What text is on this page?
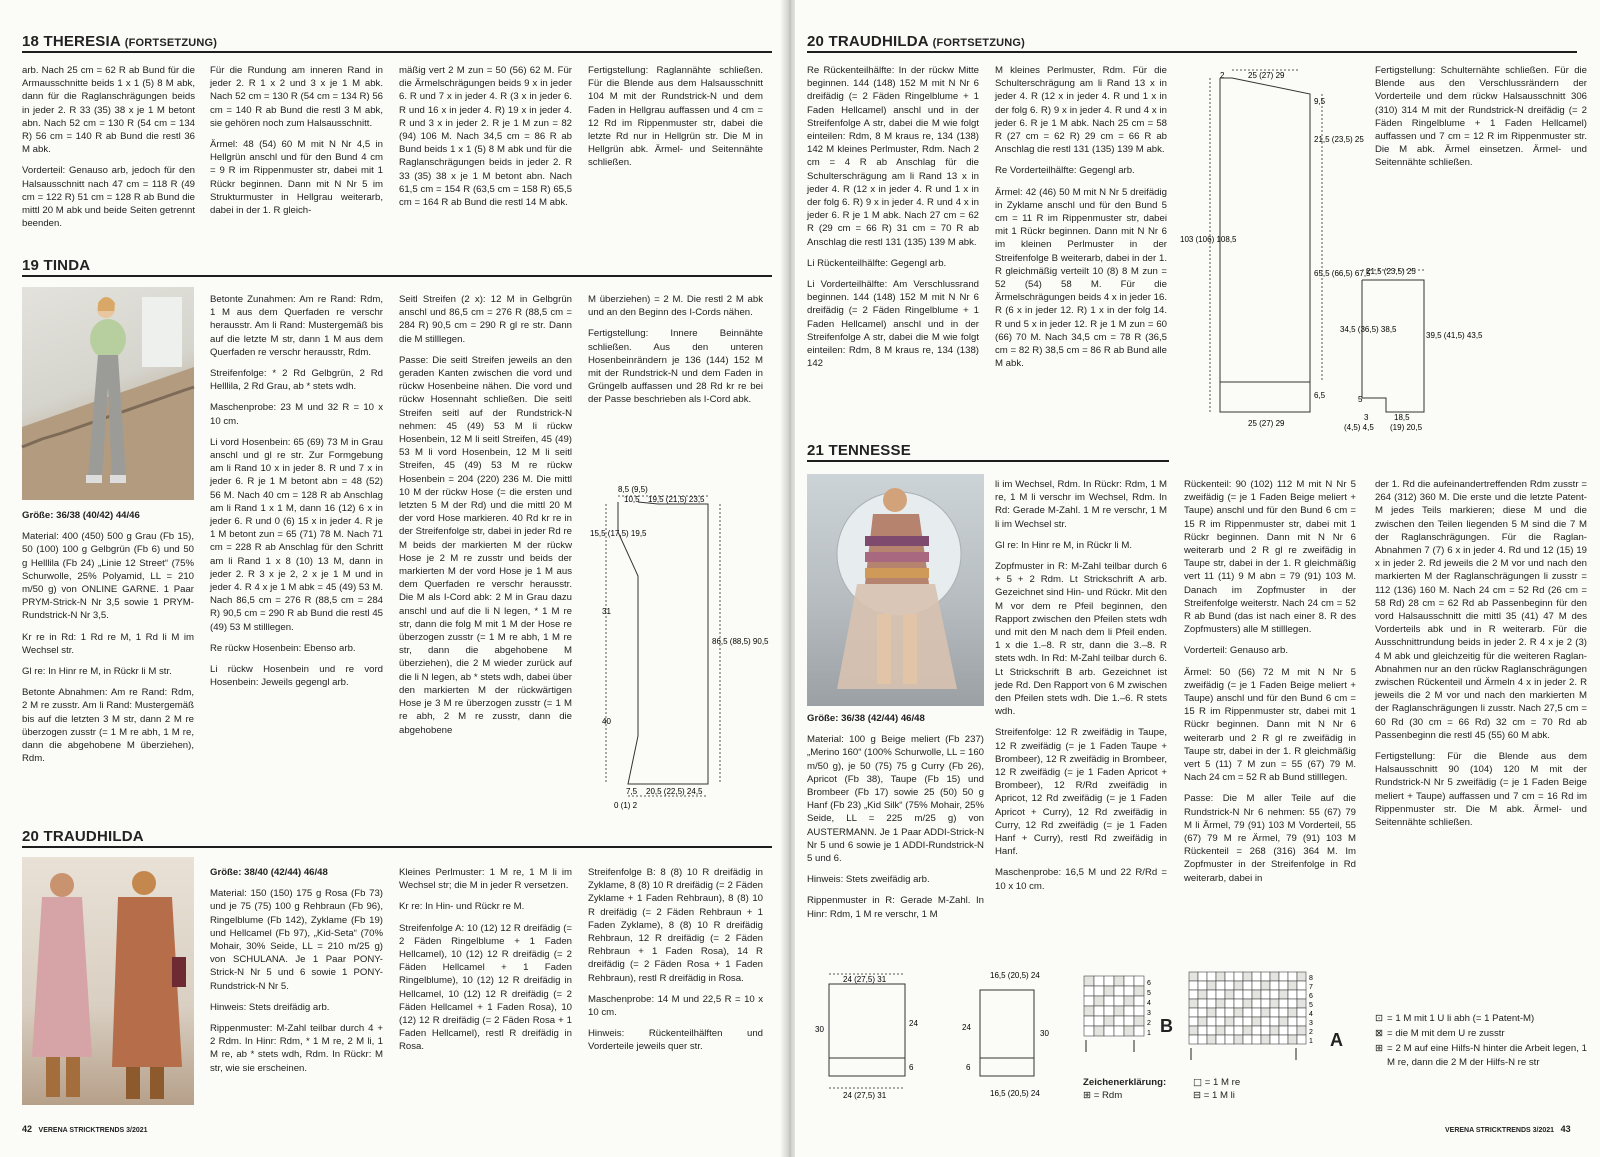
18 THERESIA (FORTSETZUNG)

arb. Nach 25 cm = 62 R ab Bund für die Armausschnitte beids 1 x 1 (5) 8 M abk, dann für die Raglanschrägungen beids in jeder 2. R 33 (35) 38 x je 1 M betont abn. Nach 52 cm = 130 R (54 cm = 134 R) 56 cm = 140 R ab Bund die restl 36 M abk.

Vorderteil: Genauso arb, jedoch für den Halsausschnitt nach 47 cm = 118 R (49 cm = 122 R) 51 cm = 128 R ab Bund die mittl 20 M abk und beide Seiten getrennt beenden.

Für die Rundung am inneren Rand in jeder 2. R 1 x 2 und 3 x je 1 M abk. Nach 52 cm = 130 R (54 cm = 134 R) 56 cm = 140 R ab Bund die restl 3 M abk, sie gehören noch zum Halsausschnitt.

Ärmel: 48 (54) 60 M mit N Nr 4,5 in Hellgrün anschl und für den Bund 4 cm = 9 R im Rippenmuster str, dabei mit 1 Rückr beginnen. Dann mit N Nr 5 im Strukturmuster in Hellgrau weiterarb, dabei in der 1. R gleich-

mäßig vert 2 M zun = 50 (56) 62 M. Für die Ärmelschrägungen beids 9 x in jeder 6. R und 7 x in jeder 4. R (3 x in jeder 6. R und 16 x in jeder 4. R) 19 x in jeder 4. R und 3 x in jeder 2. R je 1 M zun = 82 (94) 106 M. Nach 34,5 cm = 86 R ab Bund beids 1 x 1 (5) 8 M abk und für die Raglanschrägungen beids in jeder 2. R 33 (35) 38 x je 1 M betont abn. Nach 61,5 cm = 154 R (63,5 cm = 158 R) 65,5 cm = 164 R ab Bund die restl 14 M abk.

Fertigstellung: Raglannähte schließen. Für die Blende aus dem Halsausschnitt 104 M mit der Rundstrick-N und dem Faden in Hellgrau auffassen und 4 cm = 12 Rd im Rippenmuster str, dabei die letzte Rd nur in Hellgrün str. Die M in Hellgrün abk. Ärmel- und Seitennähte schließen.

19 TINDA

Größe: 36/38 (40/42) 44/46

Material: 400 (450) 500 g Grau (Fb 15), 50 (100) 100 g Gelbgrün (Fb 6) und 50 g Helllila (Fb 24) „Linie 12 Street“ (75% Schurwolle, 25% Polyamid, LL = 210 m/50 g) von ONLINE GARNE. 1 Paar PRYM-Strick-N Nr 3,5 sowie 1 PRYM-Rundstrick-N Nr 3,5.

Kr re in Rd: 1 Rd re M, 1 Rd li M im Wechsel str.

Gl re: In Hinr re M, in Rückr li M str.

Betonte Abnahmen: Am re Rand: Rdm, 2 M re zusstr. Am li Rand: Mustergemäß bis auf die letzten 3 M str, dann 2 M re überzogen zusstr (= 1 M re abh, 1 M re, dann die abgehobene M überziehen), Rdm.

Betonte Zunahmen: Am re Rand: Rdm, 1 M aus dem Querfaden re verschr herausstr. Am li Rand: Mustergemäß bis auf die letzte M str, dann 1 M aus dem Querfaden re verschr herausstr, Rdm.

Streifenfolge: * 2 Rd Gelbgrün, 2 Rd Helllila, 2 Rd Grau, ab * stets wdh.

Maschenprobe: 23 M und 32 R = 10 x 10 cm.

Li vord Hosenbein: 65 (69) 73 M in Grau anschl und gl re str. Zur Formgebung am li Rand 10 x in jeder 8. R und 7 x in jeder 6. R je 1 M betont abn = 48 (52) 56 M. Nach 40 cm = 128 R ab Anschlag am li Rand 1 x 1 M, dann 16 (12) 6 x in jeder 6. R und 0 (6) 15 x in jeder 4. R je 1 M betont zun = 65 (71) 78 M. Nach 71 cm = 228 R ab Anschlag für den Schritt am li Rand 1 x 8 (10) 13 M, dann in jeder 2. R 3 x je 2, 2 x je 1 M und in jeder 4. R 4 x je 1 M abk = 45 (49) 53 M. Nach 86,5 cm = 276 R (88,5 cm = 284 R) 90,5 cm = 290 R ab Bund die restl 45 (49) 53 M stilllegen.

Re rückw Hosenbein: Ebenso arb.

Li rückw Hosenbein und re vord Hosenbein: Jeweils gegengl arb.

Seitl Streifen (2 x): 12 M in Gelbgrün anschl und 86,5 cm = 276 R (88,5 cm = 284 R) 90,5 cm = 290 R gl re str. Dann die M stilllegen.

Passe: Die seitl Streifen jeweils an den geraden Kanten zwischen die vord und rückw Hosenbeine nähen. Die vord und rückw Hosennaht schließen. Die seitl Streifen seitl auf der Rundstrick-N nehmen: 45 (49) 53 M li rückw Hosenbein, 12 M li seitl Streifen, 45 (49) 53 M li vord Hosenbein, 12 M li seitl Streifen, 45 (49) 53 M re rückw Hosenbein = 204 (220) 236 M. Die mittl 10 M der rückw Hose (= die ersten und letzten 5 M der Rd) und die mittl 20 M der vord Hose markieren. 40 Rd kr re in der Streifenfolge str, dabei in jeder Rd re M beids der markierten M der rückw Hose je 2 M re zusstr und beids der markierten M der vord Hose je 1 M aus dem Querfaden re verschr herausstr. Die M als I-Cord abk: 2 M in Grau dazu anschl und auf die li N legen, * 1 M re str, dann die folg M mit 1 M der Hose re überzogen zusstr (= 1 M re abh, 1 M re str, dann die abgehobene M überziehen), die 2 M wieder zurück auf die li N legen, ab * stets wdh, dabei über den markierten M der rückwärtigen Hose je 3 M re überzogen zusstr (= 1 M re abh, 2 M re zusstr, dann die abgehobene

M überziehen) = 2 M. Die restl 2 M abk und an den Beginn des I-Cords nähen.

Fertigstellung: Innere Beinnähte schließen. Aus den unteren Hosenbeinrändern je 136 (144) 152 M mit der Rundstrick-N und dem Faden in Grüngelb auffassen und 28 Rd kr re bei der Passe beschrieben als I-Cord abk.

8,5 (9,5)
10,5 19,5 (21,5) 23,5
15,5 (17,5) 19,5
31
40
86,5 (88,5) 90,5
7,5 20,5 (22,5) 24,5
0 (1) 2
20 TRAUDHILDA

Größe: 38/40 (42/44) 46/48

Material: 150 (150) 175 g Rosa (Fb 73) und je 75 (75) 100 g Rehbraun (Fb 96), Ringelblume (Fb 142), Zyklame (Fb 19) und Hellcamel (Fb 97), „Kid-Seta“ (70% Mohair, 30% Seide, LL = 210 m/25 g) von SCHULANA. Je 1 Paar PONY-Strick-N Nr 5 und 6 sowie 1 PONY-Rundstrick-N Nr 5.

Hinweis: Stets dreifädig arb.

Rippenmuster: M-Zahl teilbar durch 4 + 2 Rdm. In Hinr: Rdm, * 1 M re, 2 M li, 1 M re, ab * stets wdh, Rdm. In Rückr: M str, wie sie erscheinen.

Kleines Perlmuster: 1 M re, 1 M li im Wechsel str; die M in jeder R versetzen.

Kr re: In Hin- und Rückr re M.

Streifenfolge A: 10 (12) 12 R dreifädig (= 2 Fäden Ringelblume + 1 Faden Hellcamel), 10 (12) 12 R dreifädig (= 2 Fäden Hellcamel + 1 Faden Ringelblume), 10 (12) 12 R dreifädig in Hellcamel, 10 (12) 12 R dreifädig (= 2 Fäden Hellcamel + 1 Faden Rosa), 10 (12) 12 R dreifädig (= 2 Fäden Rosa + 1 Faden Hellcamel), restl R dreifädig in Rosa.

Streifenfolge B: 8 (8) 10 R dreifädig in Zyklame, 8 (8) 10 R dreifädig (= 2 Fäden Zyklame + 1 Faden Rehbraun), 8 (8) 10 R dreifädig (= 2 Fäden Rehbraun + 1 Faden Zyklame), 8 (8) 10 R dreifädig Rehbraun, 12 R dreifädig (= 2 Fäden Rehbraun + 1 Faden Rosa), 14 R dreifädig (= 2 Fäden Rosa + 1 Faden Rehbraun), restl R dreifädig in Rosa.

Maschenprobe: 14 M und 22,5 R = 10 x 10 cm.

Hinweis: Rückenteilhälften und Vorderteile jeweils quer str.

42 VERENA STRICKTRENDS 3/2021
20 TRAUDHILDA (FORTSETZUNG)

Re Rückenteilhälfte: In der rückw Mitte beginnen. 144 (148) 152 M mit N Nr 6 dreifädig (= 2 Fäden Ringelblume + 1 Faden Hellcamel) anschl und in der Streifenfolge A str, dabei die M wie folgt einteilen: Rdm, 8 M kraus re, 134 (138) 142 M kleines Perlmuster, Rdm. Nach 2 cm = 4 R ab Anschlag für die Schulterschrägung am li Rand 13 x in jeder 4. R (12 x in jeder 4. R und 1 x in der folg 6. R) 9 x in jeder 4. R und 4 x in jeder 6. R je 1 M abk. Nach 27 cm = 62 R (29 cm = 66 R) 31 cm = 70 R ab Anschlag die restl 131 (135) 139 M abk.

Li Rückenteilhälfte: Gegengl arb.

Li Vorderteilhälfte: Am Verschlussrand beginnen. 144 (148) 152 M mit N Nr 6 dreifädig (= 2 Fäden Ringelblume + 1 Faden Hellcamel) anschl und in der Streifenfolge A str, dabei die M wie folgt einteilen: Rdm, 8 M kraus re, 134 (138) 142

M kleines Perlmuster, Rdm. Für die Schulterschrägung am li Rand 13 x in jeder 4. R (12 x in jeder 4. R und 1 x in der folg 6. R) 9 x in jeder 4. R und 4 x in jeder 6. R je 1 M abk. Nach 25 cm = 58 R (27 cm = 62 R) 29 cm = 66 R ab Anschlag die restl 131 (135) 139 M abk.

Re Vorderteilhälfte: Gegengl arb.

Ärmel: 42 (46) 50 M mit N Nr 5 dreifädig in Zyklame anschl und für den Bund 5 cm = 11 R im Rippenmuster str, dabei mit 1 Rückr beginnen. Dann mit N Nr 6 im kleinen Perlmuster in der Streifenfolge B weiterarb, dabei in der 1. R gleichmäßig verteilt 10 (8) 8 M zun = 52 (54) 58 M. Für die Ärmelschrägungen beids 4 x in jeder 16. R (6 x in jeder 12. R) 1 x in der folg 14. R und 5 x in jeder 12. R je 1 M zun = 60 (66) 70 M. Nach 34,5 cm = 78 R (36,5 cm = 82 R) 38,5 cm = 86 R ab Bund alle M abk.

2	25 (27) 29
9,5
21,5 (23,5) 25
103 (106) 108,5
65,5 (66,5) 67,5
6,5
25 (27) 29
21,5 (23,5) 25
34,5 (36,5) 38,5
39,5 (41,5) 43,5
5
3	18,5
(4,5) 4,5 (19) 20,5

Fertigstellung: Schulternähte schließen. Für die Blende aus den Verschlussrändern der Vorderteile und dem rückw Halsausschnitt 306 (310) 314 M mit der Rundstrick-N dreifädig (= 2 Fäden Ringelblume + 1 Faden Hellcamel) auffassen und 7 cm = 12 R im Rippenmuster str. Die M abk. Ärmel einsetzen. Ärmel- und Seitennähte schließen.

21 TENNESSE

Größe: 36/38 (42/44) 46/48

Material: 100 g Beige meliert (Fb 237) „Merino 160“ (100% Schurwolle, LL = 160 m/50 g), je 50 (75) 75 g Curry (Fb 26), Apricot (Fb 38), Taupe (Fb 15) und Brombeer (Fb 17) sowie 25 (50) 50 g Hanf (Fb 23) „Kid Silk“ (75% Mohair, 25% Seide, LL = 225 m/25 g) von AUSTERMANN. Je 1 Paar ADDI-Strick-N Nr 5 und 6 sowie je 1 ADDI-Rundstrick-N 5 und 6.

Hinweis: Stets zweifädig arb.

Rippenmuster in R: Gerade M-Zahl. In Hinr: Rdm, 1 M re verschr, 1 M

li im Wechsel, Rdm. In Rückr: Rdm, 1 M re, 1 M li verschr im Wechsel, Rdm. In Rd: Gerade M-Zahl. 1 M re verschr, 1 M li im Wechsel str.

Gl re: In Hinr re M, in Rückr li M.

Zopfmuster in R: M-Zahl teilbar durch 6 + 5 + 2 Rdm. Lt Strickschrift A arb. Gezeichnet sind Hin- und Rückr. Mit den M vor dem re Pfeil beginnen, den Rapport zwischen den Pfeilen stets wdh und mit den M nach dem li Pfeil enden. 1 x die 1.–8. R str, dann die 3.–8. R stets wdh. In Rd: M-Zahl teilbar durch 6. Lt Strickschrift B arb. Gezeichnet ist jede Rd. Den Rapport von 6 M zwischen den Pfeilen stets wdh. Die 1.–6. R stets wdh.

Streifenfolge: 12 R zweifädig in Taupe, 12 R zweifädig (= je 1 Faden Taupe + Brombeer), 12 R zweifädig in Brombeer, 12 R zweifädig (= je 1 Faden Apricot + Brombeer), 12 R/Rd zweifädig in Apricot, 12 Rd zweifädig (= je 1 Faden Apricot + Curry), 12 Rd zweifädig in Curry, 12 Rd zweifädig (= je 1 Faden Hanf + Curry), restl Rd zweifädig in Hanf.

Maschenprobe: 16,5 M und 22 R/Rd = 10 x 10 cm.

Rückenteil: 90 (102) 112 M mit N Nr 5 zweifädig (= je 1 Faden Beige meliert + Taupe) anschl und für den Bund 6 cm = 15 R im Rippenmuster str, dabei mit 1 Rückr beginnen. Dann mit N Nr 6 weiterarb und 2 R gl re zweifädig in Taupe str, dabei in der 1. R gleichmäßig vert 11 (11) 9 M abn = 79 (91) 103 M. Danach im Zopfmuster in der Streifenfolge weiterstr. Nach 24 cm = 52 R ab Bund (das ist nach einer 8. R des Zopfmusters) alle M stilllegen.

Vorderteil: Genauso arb.

Ärmel: 50 (56) 72 M mit N Nr 5 zweifädig (= je 1 Faden Beige meliert + Taupe) anschl und für den Bund 6 cm = 15 R im Rippenmuster str, dabei mit 1 Rückr beginnen. Dann mit N Nr 6 weiterarb und 2 R gl re zweifädig in Taupe str, dabei in der 1. R gleichmäßig vert 5 (11) 7 M zun = 55 (67) 79 M. Nach 24 cm = 52 R ab Bund stilllegen.

Passe: Die M aller Teile auf die Rundstrick-N Nr 6 nehmen: 55 (67) 79 M li Ärmel, 79 (91) 103 M Vorderteil, 55 (67) 79 M re Ärmel, 79 (91) 103 M Rückenteil = 268 (316) 364 M. Im Zopfmuster in der Streifenfolge in Rd weiterarb, dabei in

der 1. Rd die aufeinandertreffenden Rdm zusstr = 264 (312) 360 M. Die erste und die letzte Patent-M jedes Teils markieren; diese M und die zwischen den Teilen liegenden 5 M sind die 7 M der Raglanschrägungen. Für die Raglan-Abnahmen 7 (7) 6 x in jeder 4. Rd und 12 (15) 19 x in jeder 2. Rd jeweils die 2 M vor und nach den markierten M der Raglanschrägungen li zusstr = 112 (136) 160 M. Nach 24 cm = 52 Rd (26 cm = 58 Rd) 28 cm = 62 Rd ab Passenbeginn für den vord Halsausschnitt die mittl 35 (41) 47 M des Vorderteils abk und in R weiterarb. Für die Ausschnittrundung beids in jeder 2. R 4 x je 2 (3) 4 M abk und gleichzeitig für die weiteren Raglan-Abnahmen nur an den rückw Raglanschrägungen zwischen Rückenteil und Ärmeln 4 x in jeder 2. R jeweils die 2 M vor und nach den markierten M der Raglanschrägungen li zusstr. Nach 27,5 cm = 60 Rd (30 cm = 66 Rd) 32 cm = 70 Rd ab Passenbeginn die restl 45 (55) 60 M abk.

Fertigstellung: Für die Blende aus dem Halsausschnitt 90 (104) 120 M mit der Rundstrick-N Nr 5 zweifädig (= je 1 Faden Beige meliert + Taupe) auffassen und 7 cm = 16 Rd im Rippenmuster str. Die M abk. Ärmel- und Seitennähte schließen.

⊡ = 1 M mit 1 U li abh (= 1 Patent-M)
⊠ = die M mit dem U re zusstr
⊞ = 2 M auf eine Hilfs-N hinter die Arbeit legen, 1 M re, dann die 2 M der Hilfs-N re str
24 (27,5) 31
30
24
24 (27,5) 31
6
16,5 (20,5) 24
24
30
16,5 (20,5) 24
6
6
5
4
3
2
1 B
8
7
6
5
4
3
2
1 A
Zeichenerklärung:
⊞ = Rdm
□ = 1 M re
⊟ = 1 M li
VERENA STRICKTRENDS 3/2021 43
